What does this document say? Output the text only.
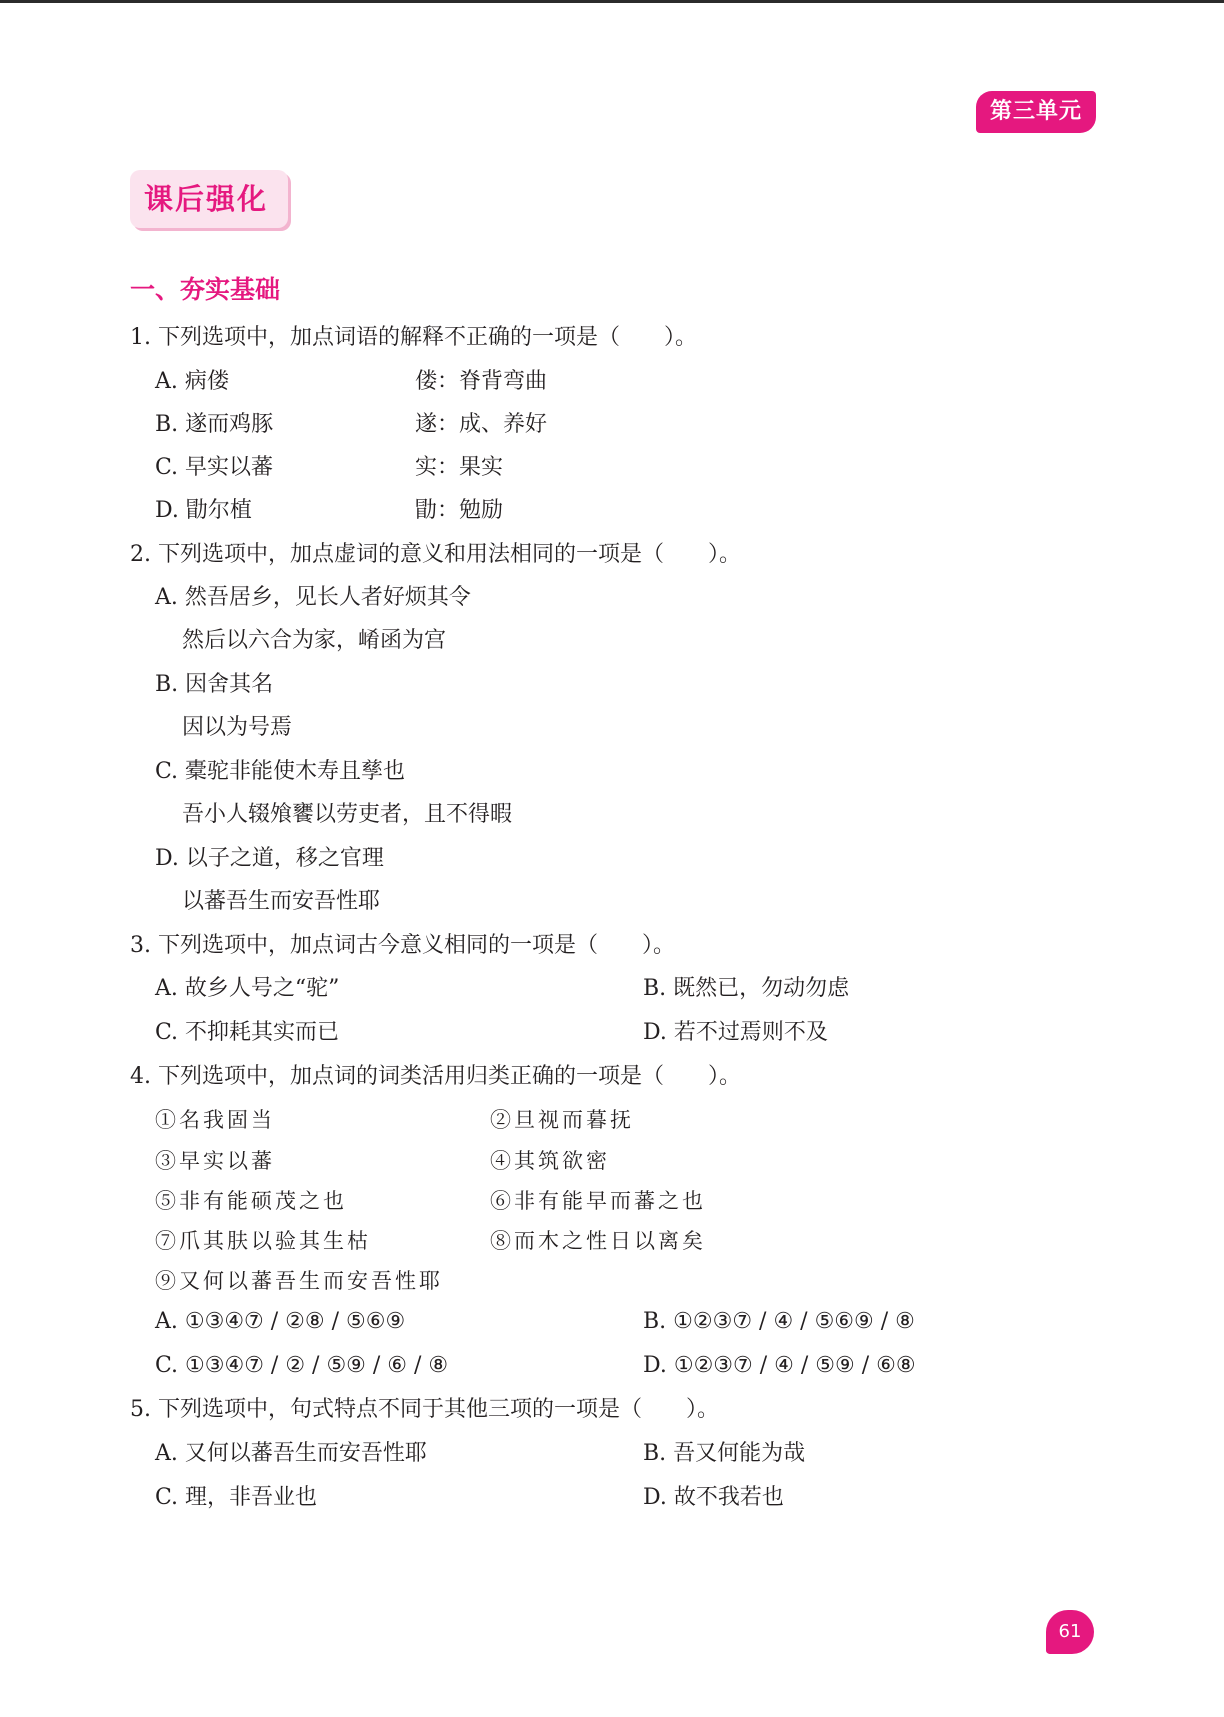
第三单元
课后强化
一、夯实基础
1. 下列选项中，加点词语的解释不正确的一项是（　　）。
A. 病偻	偻：脊背弯曲
B. 遂而鸡豚	遂：成、养好
C. 早实以蕃	实：果实
D. 勖尔植	勖：勉励
2. 下列选项中，加点虚词的意义和用法相同的一项是（　　）。
A. 然吾居乡，见长人者好烦其令
然后以六合为家，崤函为宫
B. 因舍其名
因以为号焉
C. 橐驼非能使木寿且孳也
吾小人辍飧饔以劳吏者，且不得暇
D. 以子之道，移之官理
以蕃吾生而安吾性耶
3. 下列选项中，加点词古今意义相同的一项是（　　）。
A. 故乡人号之“驼”	B. 既然已，勿动勿虑
C. 不抑耗其实而已	D. 若不过焉则不及
4. 下列选项中，加点词的词类活用归类正确的一项是（　　）。
①名我固当	②旦视而暮抚
③早实以蕃	④其筑欲密
⑤非有能硕茂之也	⑥非有能早而蕃之也
⑦爪其肤以验其生枯	⑧而木之性日以离矣
⑨又何以蕃吾生而安吾性耶
A. ①③④⑦ / ②⑧ / ⑤⑥⑨	B. ①②③⑦ / ④ / ⑤⑥⑨ / ⑧
C. ①③④⑦ / ② / ⑤⑨ / ⑥ / ⑧	D. ①②③⑦ / ④ / ⑤⑨ / ⑥⑧
5. 下列选项中，句式特点不同于其他三项的一项是（　　）。
A. 又何以蕃吾生而安吾性耶	B. 吾又何能为哉
C. 理，非吾业也	D. 故不我若也
61
